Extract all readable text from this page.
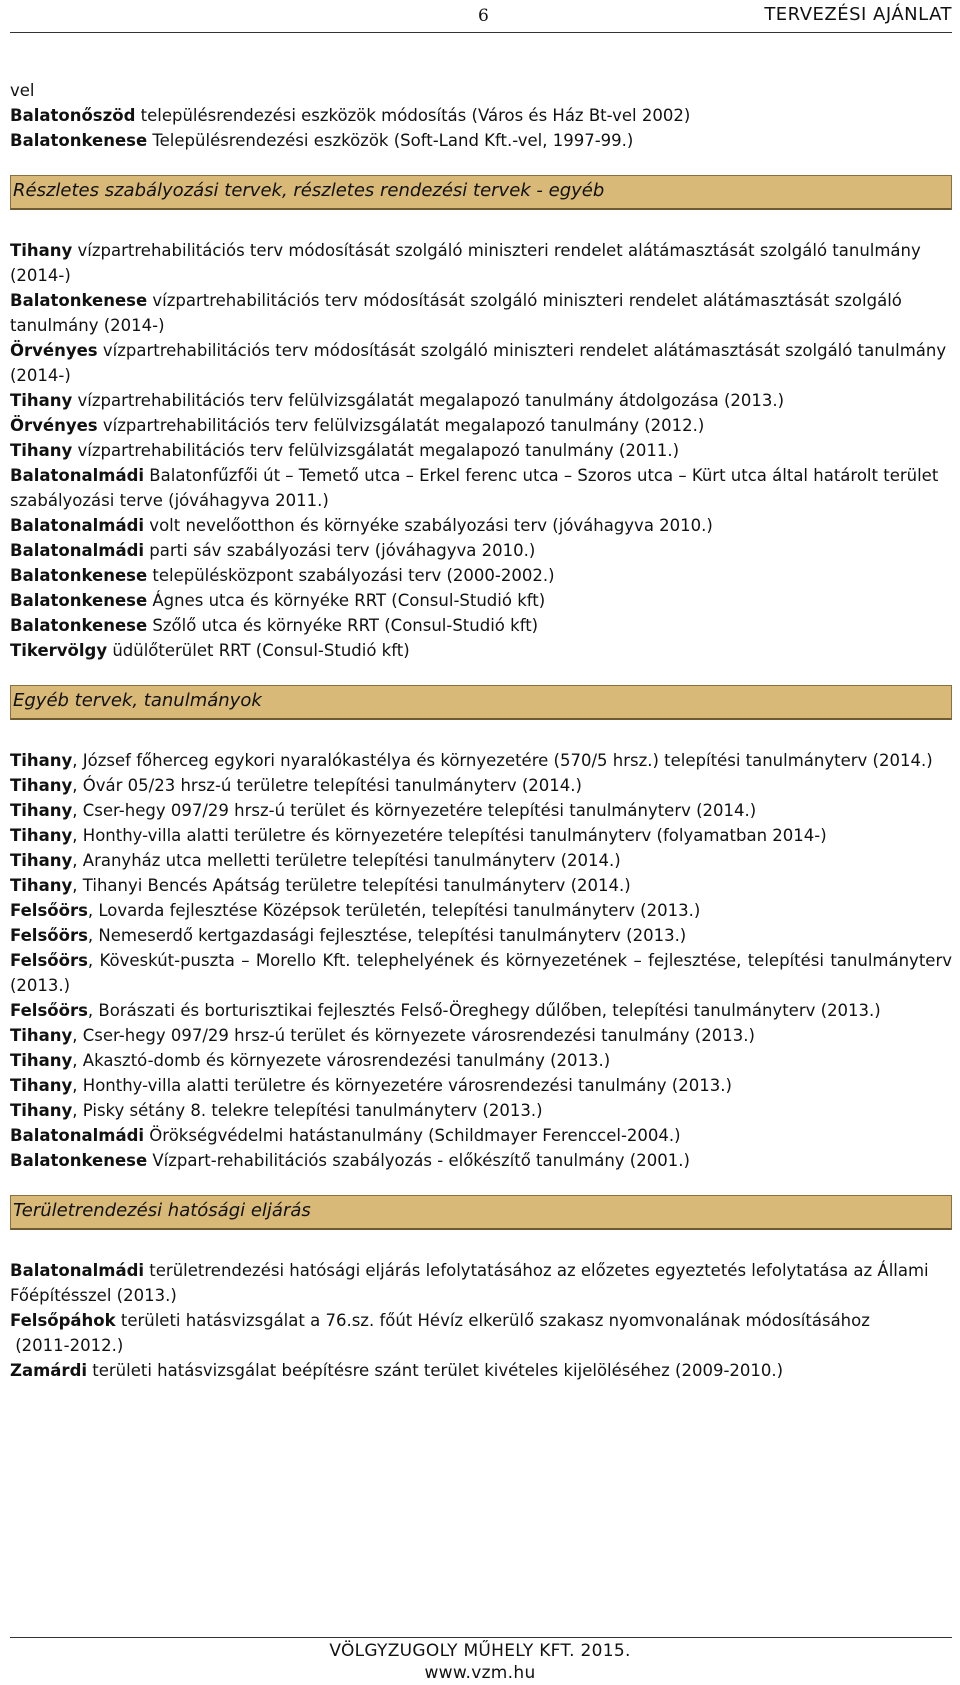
6	TERVEZÉSI AJÁNLAT

vel

Balatonőszöd településrendezési eszközök módosítás (Város és Ház Bt-vel 2002)

Balatonkenese Településrendezési eszközök (Soft-Land Kft.-vel, 1997-99.)

Részletes szabályozási tervek, részletes rendezési tervek - egyéb

Tihany vízpartrehabilitációs terv módosítását szolgáló miniszteri rendelet alátámasztását szolgáló tanulmány (2014-)

Balatonkenese vízpartrehabilitációs terv módosítását szolgáló miniszteri rendelet alátámasztását szolgáló tanulmány (2014-)

Örvényes vízpartrehabilitációs terv módosítását szolgáló miniszteri rendelet alátámasztását szolgáló tanulmány (2014-)

Tihany vízpartrehabilitációs terv felülvizsgálatát megalapozó tanulmány átdolgozása (2013.)

Örvényes vízpartrehabilitációs terv felülvizsgálatát megalapozó tanulmány (2012.)

Tihany vízpartrehabilitációs terv felülvizsgálatát megalapozó tanulmány (2011.)

Balatonalmádi Balatonfűzfői út – Temető utca – Erkel ferenc utca – Szoros utca – Kürt utca által határolt terület szabályozási terve (jóváhagyva 2011.)

Balatonalmádi volt nevelőotthon és környéke szabályozási terv (jóváhagyva 2010.)

Balatonalmádi parti sáv szabályozási terv (jóváhagyva 2010.)

Balatonkenese településközpont szabályozási terv (2000-2002.)

Balatonkenese Ágnes utca és környéke RRT (Consul-Studió kft)

Balatonkenese Szőlő utca és környéke RRT (Consul-Studió kft)

Tikervölgy üdülőterület RRT (Consul-Studió kft)

Egyéb tervek, tanulmányok

Tihany, József főherceg egykori nyaralókastélya és környezetére (570/5 hrsz.) telepítési tanulmányterv (2014.)

Tihany, Óvár 05/23 hrsz-ú területre telepítési tanulmányterv (2014.)

Tihany, Cser-hegy 097/29 hrsz-ú terület és környezetére telepítési tanulmányterv (2014.)

Tihany, Honthy-villa alatti területre és környezetére telepítési tanulmányterv (folyamatban 2014-)

Tihany, Aranyház utca melletti területre telepítési tanulmányterv (2014.)

Tihany, Tihanyi Bencés Apátság területre telepítési tanulmányterv (2014.)

Felsőörs, Lovarda fejlesztése Középsok területén, telepítési tanulmányterv (2013.)

Felsőörs, Nemeserdő kertgazdasági fejlesztése, telepítési tanulmányterv (2013.)

Felsőörs, Köveskút-puszta – Morello Kft. telephelyének és környezetének – fejlesztése, telepítési tanulmányterv (2013.)

Felsőörs, Borászati és borturisztikai fejlesztés Felső-Öreghegy dűlőben, telepítési tanulmányterv (2013.)

Tihany, Cser-hegy 097/29 hrsz-ú terület és környezete városrendezési tanulmány (2013.)

Tihany, Akasztó-domb és környezete városrendezési tanulmány (2013.)

Tihany, Honthy-villa alatti területre és környezetére városrendezési tanulmány (2013.)

Tihany, Pisky sétány 8. telekre telepítési tanulmányterv (2013.)

Balatonalmádi Örökségvédelmi hatástanulmány (Schildmayer Ferenccel-2004.)

Balatonkenese Vízpart-rehabilitációs szabályozás - előkészítő tanulmány (2001.)

Területrendezési hatósági eljárás

Balatonalmádi területrendezési hatósági eljárás lefolytatásához az előzetes egyeztetés lefolytatása az Állami Főépítésszel (2013.)

Felsőpáhok területi hatásvizsgálat a 76.sz. főút Hévíz elkerülő szakasz nyomvonalának módosításához

(2011-2012.)

Zamárdi területi hatásvizsgálat beépítésre szánt terület kivételes kijelöléséhez (2009-2010.)

VÖLGYZUGOLY MŰHELY KFT. 2015.
www.vzm.hu
